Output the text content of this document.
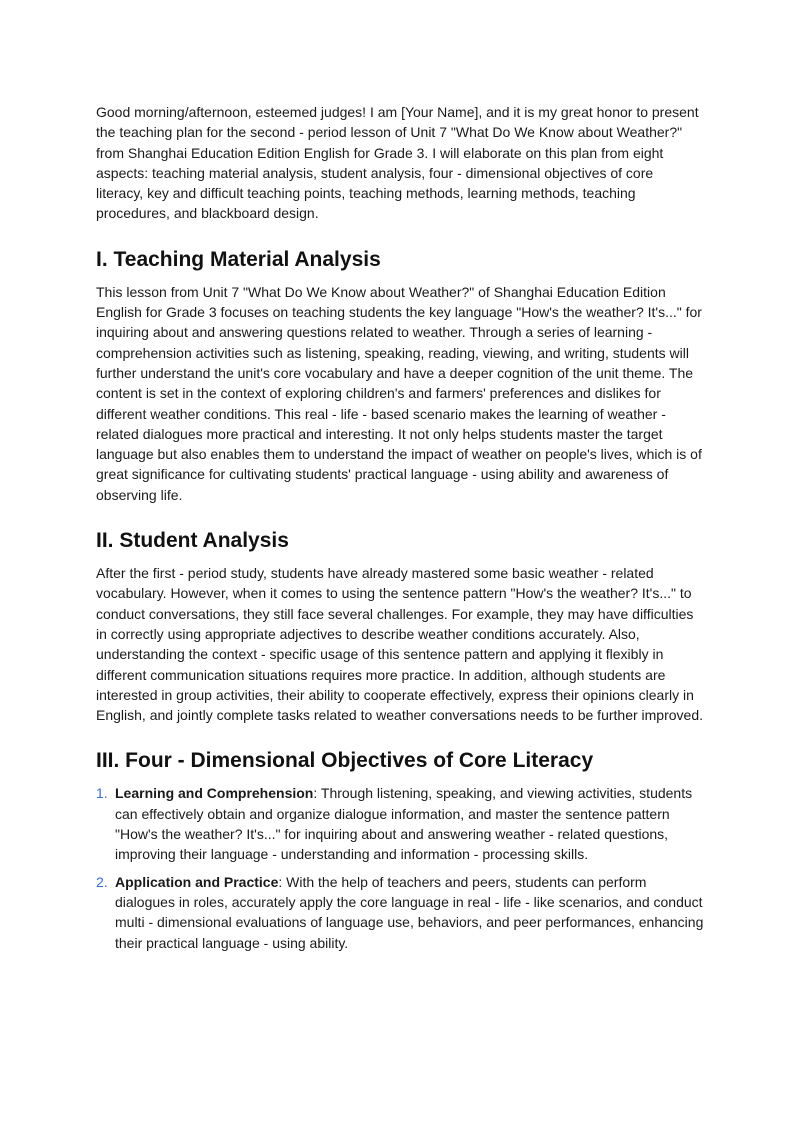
Good morning/afternoon, esteemed judges! I am [Your Name], and it is my great honor to present the teaching plan for the second - period lesson of Unit 7 "What Do We Know about Weather?" from Shanghai Education Edition English for Grade 3. I will elaborate on this plan from eight aspects: teaching material analysis, student analysis, four - dimensional objectives of core literacy, key and difficult teaching points, teaching methods, learning methods, teaching procedures, and blackboard design.

I. Teaching Material Analysis

This lesson from Unit 7 "What Do We Know about Weather?" of Shanghai Education Edition English for Grade 3 focuses on teaching students the key language "How's the weather? It's..." for inquiring about and answering questions related to weather. Through a series of learning - comprehension activities such as listening, speaking, reading, viewing, and writing, students will further understand the unit's core vocabulary and have a deeper cognition of the unit theme. The content is set in the context of exploring children's and farmers' preferences and dislikes for different weather conditions. This real - life - based scenario makes the learning of weather - related dialogues more practical and interesting. It not only helps students master the target language but also enables them to understand the impact of weather on people's lives, which is of great significance for cultivating students' practical language - using ability and awareness of observing life.

II. Student Analysis

After the first - period study, students have already mastered some basic weather - related vocabulary. However, when it comes to using the sentence pattern "How's the weather? It's..." to conduct conversations, they still face several challenges. For example, they may have difficulties in correctly using appropriate adjectives to describe weather conditions accurately. Also, understanding the context - specific usage of this sentence pattern and applying it flexibly in different communication situations requires more practice. In addition, although students are interested in group activities, their ability to cooperate effectively, express their opinions clearly in English, and jointly complete tasks related to weather conversations needs to be further improved.

III. Four - Dimensional Objectives of Core Literacy
1. Learning and Comprehension: Through listening, speaking, and viewing activities, students can effectively obtain and organize dialogue information, and master the sentence pattern "How's the weather? It's..." for inquiring about and answering weather - related questions, improving their language - understanding and information - processing skills.
2. Application and Practice: With the help of teachers and peers, students can perform dialogues in roles, accurately apply the core language in real - life - like scenarios, and conduct multi - dimensional evaluations of language use, behaviors, and peer performances, enhancing their practical language - using ability.
